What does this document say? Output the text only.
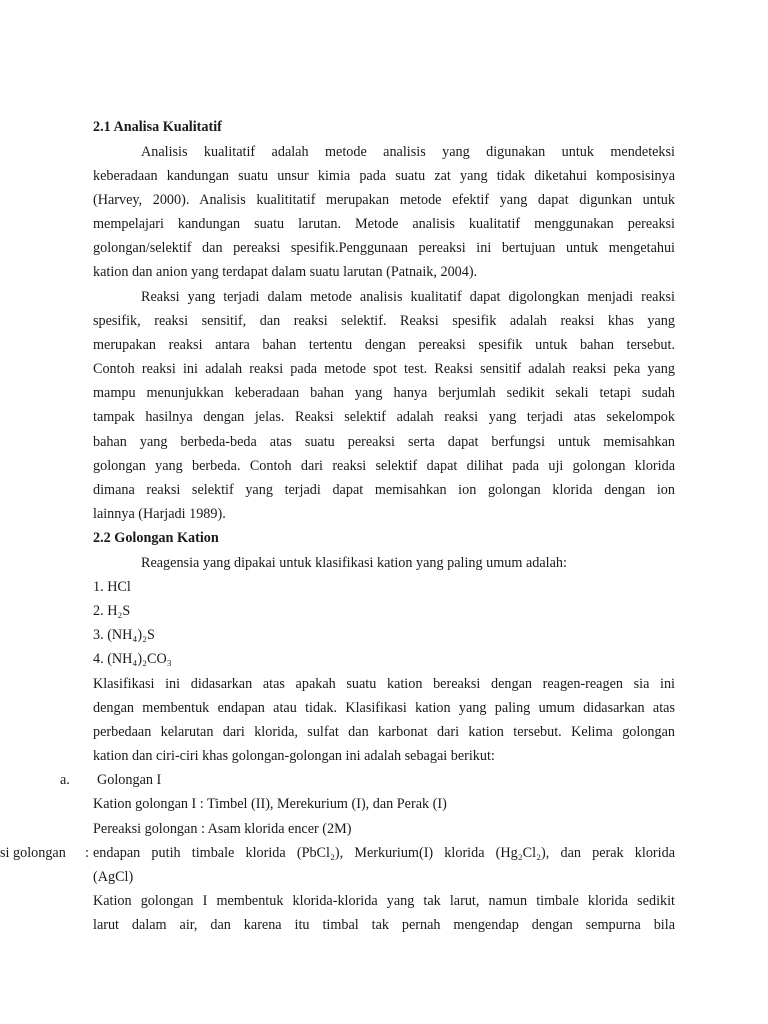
2.1 Analisa Kualitatif
Analisis kualitatif adalah metode analisis yang digunakan untuk mendeteksi
keberadaan kandungan suatu unsur kimia pada suatu zat yang tidak diketahui komposisinya
(Harvey, 2000). Analisis kualititatif merupakan metode efektif yang dapat digunkan untuk
mempelajari kandungan suatu larutan. Metode analisis kualitatif menggunakan pereaksi
golongan/selektif dan pereaksi spesifik.Penggunaan pereaksi ini bertujuan untuk mengetahui
kation dan anion yang terdapat dalam suatu larutan (Patnaik, 2004).
Reaksi yang terjadi dalam metode analisis kualitatif dapat digolongkan menjadi reaksi
spesifik, reaksi sensitif, dan reaksi selektif. Reaksi spesifik adalah reaksi khas yang
merupakan reaksi antara bahan tertentu dengan pereaksi spesifik untuk bahan tersebut.
Contoh reaksi ini adalah reaksi pada metode spot test. Reaksi sensitif adalah reaksi peka yang
mampu menunjukkan keberadaan bahan yang hanya berjumlah sedikit sekali tetapi sudah
tampak hasilnya dengan jelas. Reaksi selektif adalah reaksi yang terjadi atas sekelompok
bahan yang berbeda-beda atas suatu pereaksi serta dapat berfungsi untuk memisahkan
golongan yang berbeda. Contoh dari reaksi selektif dapat dilihat pada uji golongan klorida
dimana reaksi selektif yang terjadi dapat memisahkan ion golongan klorida dengan ion
lainnya (Harjadi 1989).
2.2 Golongan Kation
Reagensia yang dipakai untuk klasifikasi kation yang paling umum adalah:
1. HCl
2. H₂S
3. (NH₄)₂S
4. (NH₄)₂CO₃
Klasifikasi ini didasarkan atas apakah suatu kation bereaksi dengan reagen-reagen sia ini
dengan membentuk endapan atau tidak. Klasifikasi kation yang paling umum didasarkan atas
perbedaan kelarutan dari klorida, sulfat dan karbonat dari kation tersebut. Kelima golongan
kation dan ciri-ciri khas golongan-golongan ini adalah sebagai berikut:
a. Golongan I
Kation golongan I : Timbel (II), Merekurium (I), dan Perak (I)
Pereaksi golongan : Asam klorida encer (2M)
si golongan : endapan putih timbale klorida (PbCl₂), Merkurium(I) klorida (Hg₂Cl₂), dan perak klorida
(AgCl)
Kation golongan I membentuk klorida-klorida yang tak larut, namun timbale klorida sedikit
larut dalam air, dan karena itu timbal tak pernah mengendap dengan sempurna bila
